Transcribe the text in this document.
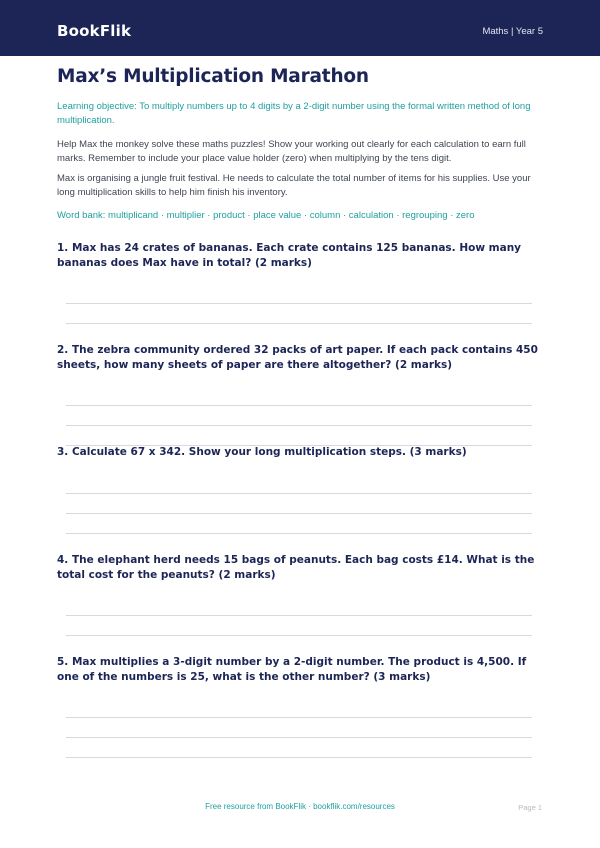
BookFlik	Maths | Year 5
Max’s Multiplication Marathon
Learning objective: To multiply numbers up to 4 digits by a 2-digit number using the formal written method of long multiplication.
Help Max the monkey solve these maths puzzles! Show your working out clearly for each calculation to earn full marks. Remember to include your place value holder (zero) when multiplying by the tens digit.
Max is organising a jungle fruit festival. He needs to calculate the total number of items for his supplies. Use your long multiplication skills to help him finish his inventory.
Word bank: multiplicand · multiplier · product · place value · column · calculation · regrouping · zero
1. Max has 24 crates of bananas. Each crate contains 125 bananas. How many bananas does Max have in total? (2 marks)
2. The zebra community ordered 32 packs of art paper. If each pack contains 450 sheets, how many sheets of paper are there altogether? (2 marks)
3. Calculate 67 x 342. Show your long multiplication steps. (3 marks)
4. The elephant herd needs 15 bags of peanuts. Each bag costs £14. What is the total cost for the peanuts? (2 marks)
5. Max multiplies a 3-digit number by a 2-digit number. The product is 4,500. If one of the numbers is 25, what is the other number? (3 marks)
Free resource from BookFlik · bookflik.com/resources	Page 1
